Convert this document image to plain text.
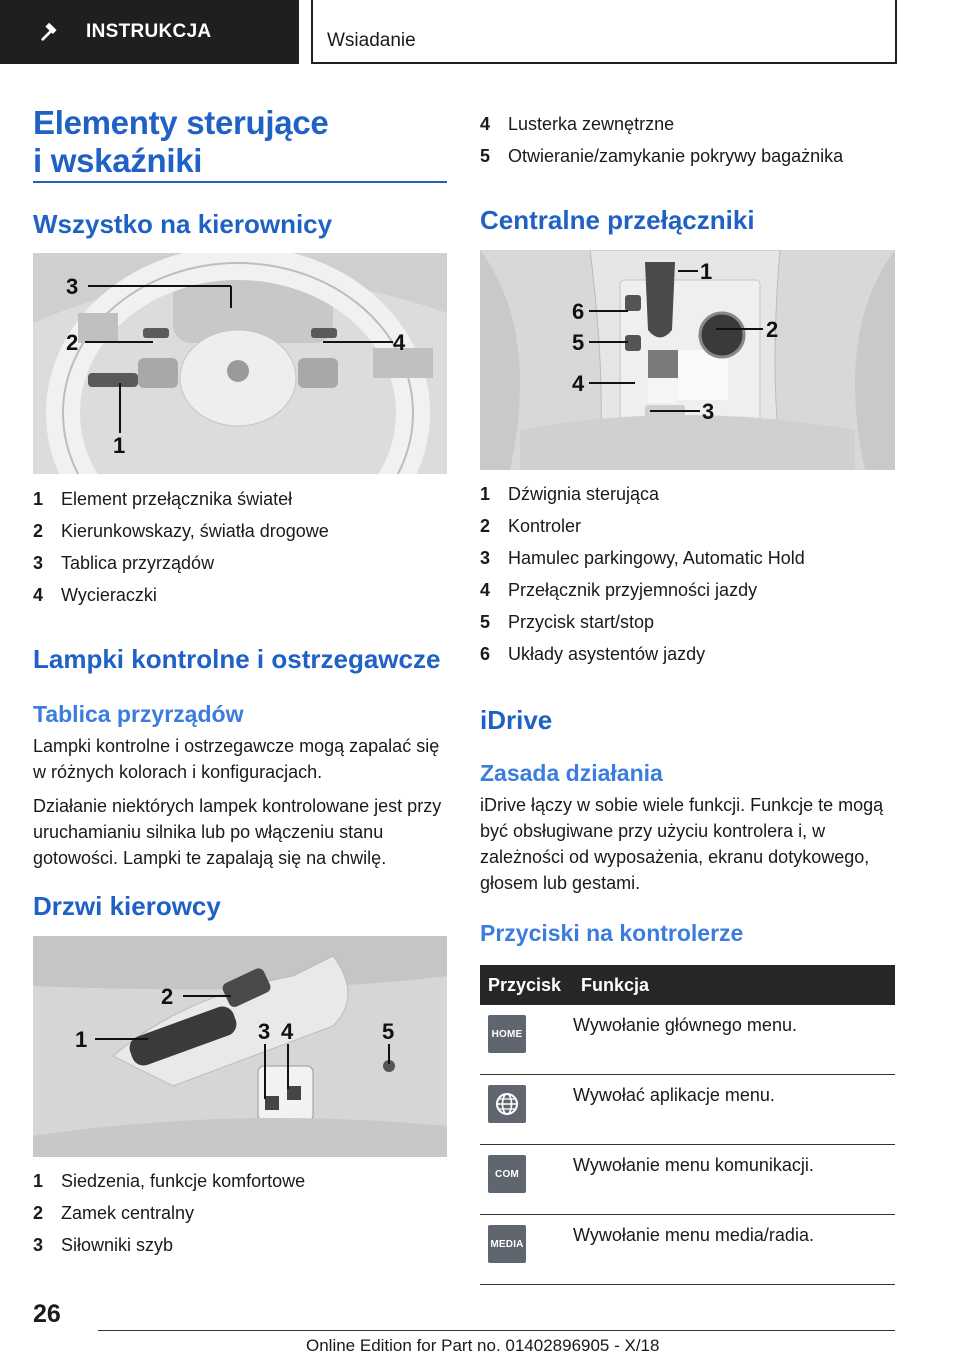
INSTRUKCJA	Wsiadanie
Elementy sterujące
i wskaźniki
Wszystko na kierownicy
3
2	4
1
1 Element przełącznika świateł
2 Kierunkowskazy, światła drogowe
3 Tablica przyrządów
4 Wycieraczki
Lampki kontrolne i ostrzegawcze
Tablica przyrządów

Lampki kontrolne i ostrzegawcze mogą zapalać się w różnych kolorach i konfiguracjach.

Działanie niektórych lampek kontrolowane jest przy uruchamianiu silnika lub po włączeniu stanu gotowości. Lampki te zapalają się na chwilę.

Drzwi kierowcy
1
2
3 4	5
1 Siedzenia, funkcje komfortowe
2 Zamek centralny
3 Siłowniki szyb
4 Lusterka zewnętrzne
5 Otwieranie/zamykanie pokrywy bagażnika
Centralne przełączniki
1
2
3
4
5
6
1 Dźwignia sterująca
2 Kontroler
3 Hamulec parkingowy, Automatic Hold
4 Przełącznik przyjemności jazdy
5 Przycisk start/stop
6 Układy asystentów jazdy
iDrive
Zasada działania

iDrive łączy w sobie wiele funkcji. Funkcje te mogą być obsługiwane przy użyciu kontrolera i, w zależności od wyposażenia, ekranu dotykowego, głosem lub gestami.

Przyciski na kontrolerze
Przycisk	Funkcja

HOME	Wywołanie głównego menu.

	Wywołać aplikacje menu.

COM	Wywołanie menu komunikacji.

MEDIA	Wywołanie menu media/radia.
26
Online Edition for Part no. 01402896905 - X/18
